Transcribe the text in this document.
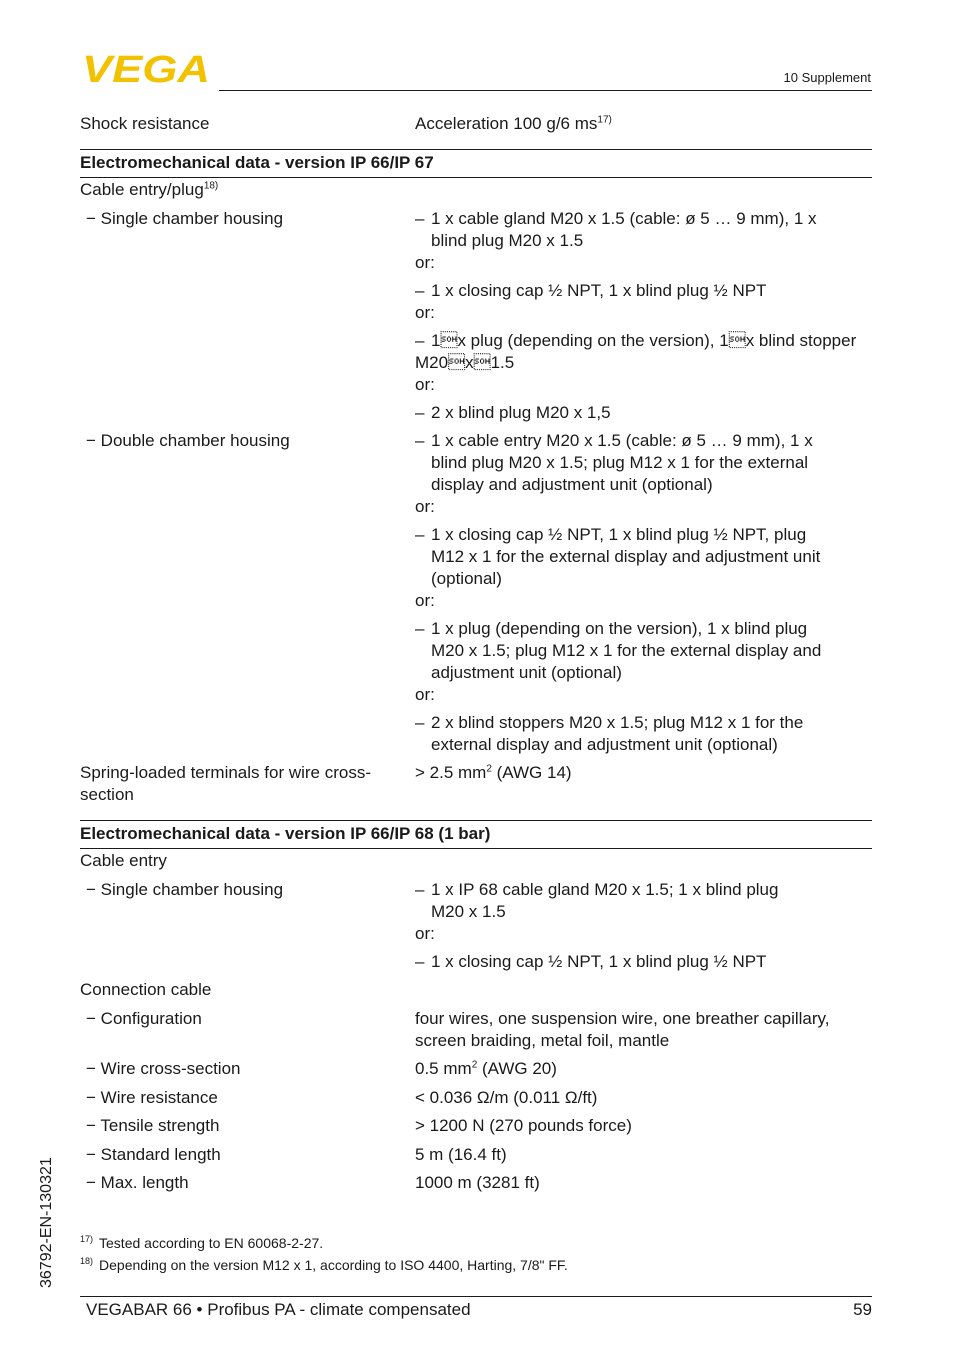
VEGA	10 Supplement
Shock resistance	Acceleration 100 g/6 $ms^{17)}$
Electromechanical data - version IP 66/IP 67
Cable entry/plug$^{18)}$
− Single chamber housing	– 1 x cable gland M20 x 1.5 (cable: ø 5 … 9 mm), 1 x
blind plug M20 x 1.5
or:
– 1 x closing cap ½ NPT, 1 x blind plug ½ NPT
or:
– 1x plug (depending on the version), 1x blind stopper
M20x1.5
or:
– 2 x blind plug M20 x 1,5
− Double chamber housing	– 1 x cable entry M20 x 1.5 (cable: ø 5 … 9 mm), 1 x
blind plug M20 x 1.5; plug M12 x 1 for the external
display and adjustment unit (optional)
or:
– 1 x closing cap ½ NPT, 1 x blind plug ½ NPT, plug
M12 x 1 for the external display and adjustment unit
(optional)
or:
– 1 x plug (depending on the version), 1 x blind plug
M20 x 1.5; plug M12 x 1 for the external display and
adjustment unit (optional)
or:
– 2 x blind stoppers M20 x 1.5; plug M12 x 1 for the
external display and adjustment unit (optional)
Spring-loaded terminals for wire cross-
section
> 2.5 $mm^2$ (AWG 14)
Electromechanical data - version IP 66/IP 68 (1 bar)
Cable entry
− Single chamber housing	– 1 x IP 68 cable gland M20 x 1.5; 1 x blind plug
M20 x 1.5
or:
– 1 x closing cap ½ NPT, 1 x blind plug ½ NPT
Connection cable
− Configuration	four wires, one suspension wire, one breather capillary,
screen braiding, metal foil, mantle
− Wire cross-section	0.5 $mm^2$ (AWG 20)
− Wire resistance	< 0.036 Ω/m (0.011 Ω/ft)
− Tensile strength	> 1200 N (270 pounds force)
− Standard length	5 m (16.4 ft)
− Max. length	1000 m (3281 ft)
$^{17)}$ Tested according to EN 60068-2-27.
$^{18)}$ Depending on the version M12 x 1, according to ISO 4400, Harting, 7/8" FF.
36792-EN-130321
VEGABAR 66 • Profibus PA - climate compensated	59
